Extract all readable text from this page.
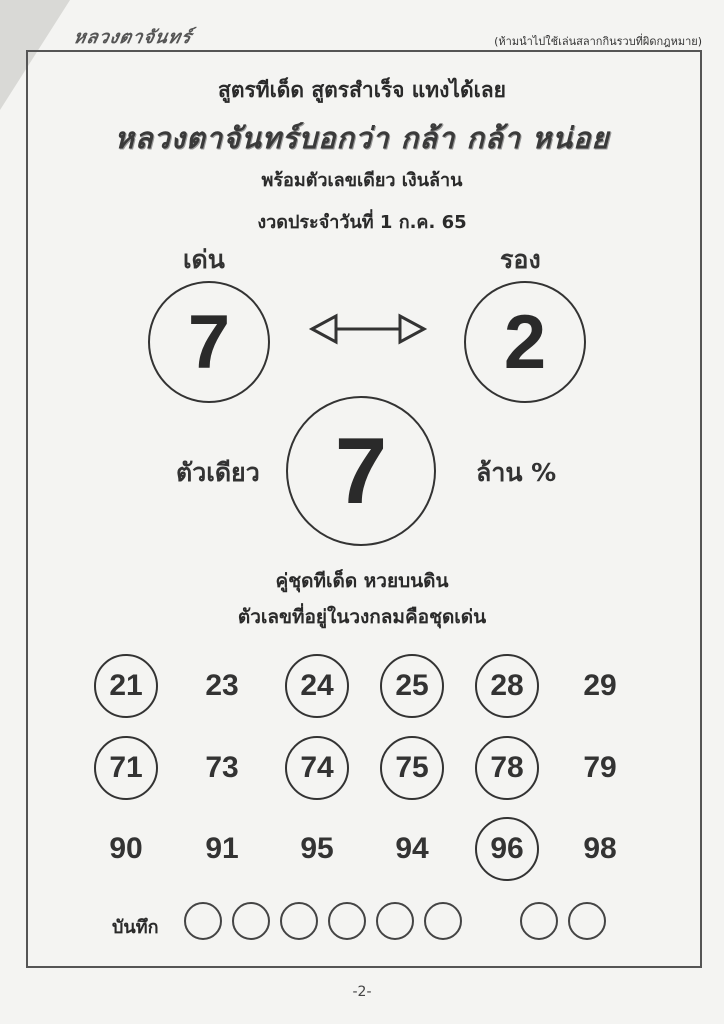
หลวงตาจันทร์	(ห้ามนำไปใช้เล่นสลากกินรวบที่ผิดกฎหมาย)
สูตรทีเด็ด สูตรสำเร็จ แทงได้เลย
หลวงตาจันทร์บอกว่า กล้า กล้า หน่อย
พร้อมตัวเลขเดียว เงินล้าน
งวดประจำวันที่ 1 ก.ค. 65
เด่น	รอง
7	2
ตัวเดียว 7	ล้าน %
คู่ชุดทีเด็ด หวยบนดิน
ตัวเลขที่อยู่ในวงกลมคือชุดเด่น
21	23	24	25	28	29
71	73	74	75	78	79
90	91	95	94	96	98
บันทึก
-2-
